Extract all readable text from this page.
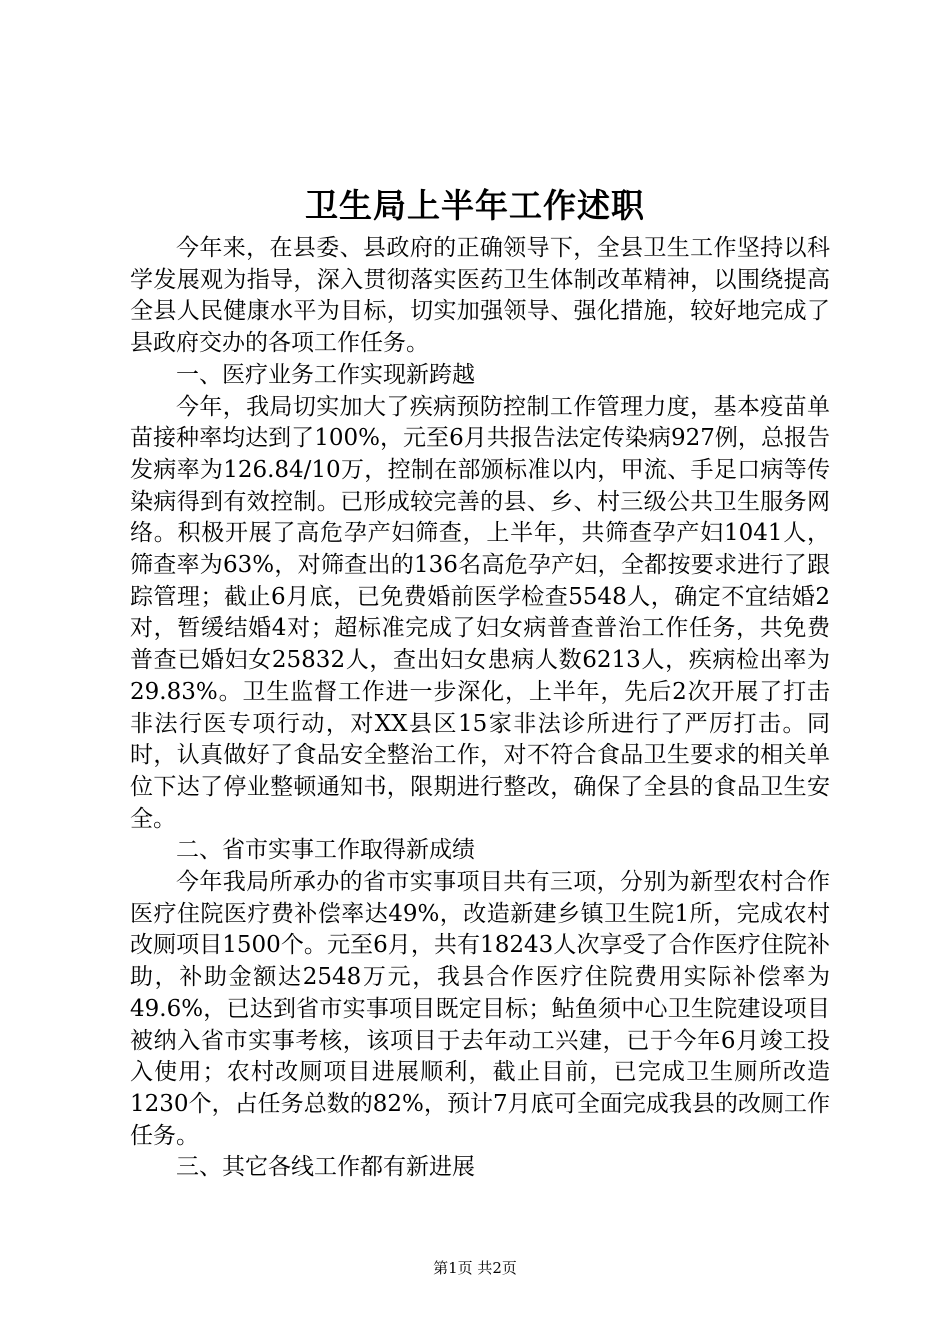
卫生局上半年工作述职

今年来，在县委、县政府的正确领导下，全县卫生工作坚持以科学发展观为指导，深入贯彻落实医药卫生体制改革精神，以围绕提高全县人民健康水平为目标，切实加强领导、强化措施，较好地完成了县政府交办的各项工作任务。

一、医疗业务工作实现新跨越

今年，我局切实加大了疾病预防控制工作管理力度，基本疫苗单苗接种率均达到了100%，元至6月共报告法定传染病927例，总报告发病率为126.84/10万，控制在部颁标准以内，甲流、手足口病等传染病得到有效控制。已形成较完善的县、乡、村三级公共卫生服务网络。积极开展了高危孕产妇筛查，上半年，共筛查孕产妇1041人，筛查率为63%，对筛查出的136名高危孕产妇，全都按要求进行了跟踪管理；截止6月底，已免费婚前医学检查5548人，确定不宜结婚2对，暂缓结婚4对；超标准完成了妇女病普查普治工作任务，共免费普查已婚妇女25832人，查出妇女患病人数6213人，疾病检出率为29.83%。卫生监督工作进一步深化，上半年，先后2次开展了打击非法行医专项行动，对XX县区15家非法诊所进行了严厉打击。同时，认真做好了食品安全整治工作，对不符合食品卫生要求的相关单位下达了停业整顿通知书，限期进行整改，确保了全县的食品卫生安全。

二、省市实事工作取得新成绩

今年我局所承办的省市实事项目共有三项，分别为新型农村合作医疗住院医疗费补偿率达49%，改造新建乡镇卫生院1所，完成农村改厕项目1500个。元至6月，共有18243人次享受了合作医疗住院补助，补助金额达2548万元，我县合作医疗住院费用实际补偿率为49.6%，已达到省市实事项目既定目标；鲇鱼须中心卫生院建设项目被纳入省市实事考核，该项目于去年动工兴建，已于今年6月竣工投入使用；农村改厕项目进展顺利，截止目前，已完成卫生厕所改造1230个，占任务总数的82%，预计7月底可全面完成我县的改厕工作任务。

三、其它各线工作都有新进展

第1页 共2页
